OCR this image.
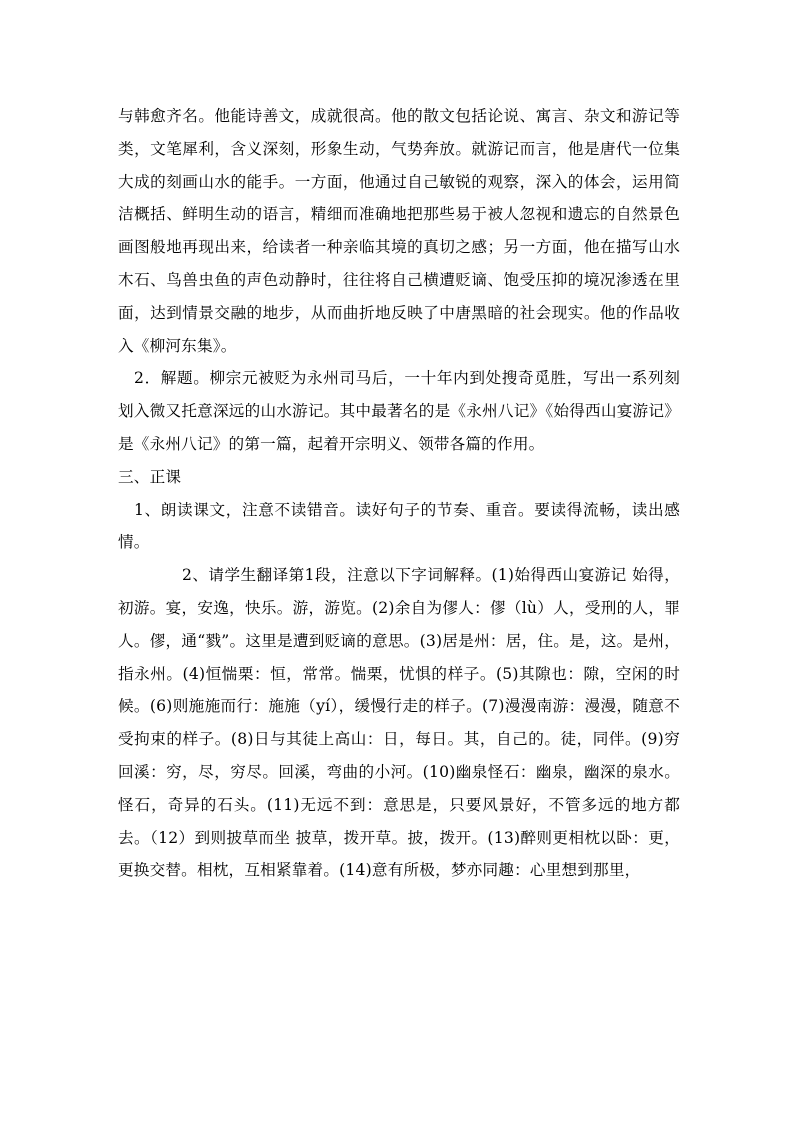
与韩愈齐名。他能诗善文，成就很高。他的散文包括论说、寓言、杂文和游记等类，文笔犀利，含义深刻，形象生动，气势奔放。就游记而言，他是唐代一位集大成的刻画山水的能手。一方面，他通过自己敏锐的观察，深入的体会，运用简洁概括、鲜明生动的语言，精细而准确地把那些易于被人忽视和遗忘的自然景色画图般地再现出来，给读者一种亲临其境的真切之感；另一方面，他在描写山水木石、鸟兽虫鱼的声色动静时，往往将自己横遭贬谪、饱受压抑的境况渗透在里面，达到情景交融的地步，从而曲折地反映了中唐黑暗的社会现实。他的作品收入《柳河东集》。

2．解题。柳宗元被贬为永州司马后，一十年内到处搜奇觅胜，写出一系列刻划入微又托意深远的山水游记。其中最著名的是《永州八记》《始得西山宴游记》是《永州八记》的第一篇，起着开宗明义、领带各篇的作用。

三、正课

1、朗读课文，注意不读错音。读好句子的节奏、重音。要读得流畅，读出感情。

2、请学生翻译第1段，注意以下字词解释。(1)始得西山宴游记 始得，初游。宴，安逸，快乐。游，游览。(2)余自为僇人：僇（lù）人，受刑的人，罪人。僇，通“戮”。这里是遭到贬谪的意思。(3)居是州：居，住。是，这。是州，指永州。(4)恒惴栗：恒，常常。惴栗，忧惧的样子。(5)其隙也：隙，空闲的时候。(6)则施施而行：施施（yí），缓慢行走的样子。(7)漫漫南游：漫漫，随意不受拘束的样子。(8)日与其徒上高山：日，每日。其，自己的。徒，同伴。(9)穷回溪：穷，尽，穷尽。回溪，弯曲的小河。(10)幽泉怪石：幽泉，幽深的泉水。怪石，奇异的石头。(11)无远不到：意思是，只要风景好，不管多远的地方都去。（12）到则披草而坐 披草，拨开草。披，拨开。(13)醉则更相枕以卧：更，更换交替。相枕，互相紧靠着。(14)意有所极，梦亦同趣：心里想到那里，
